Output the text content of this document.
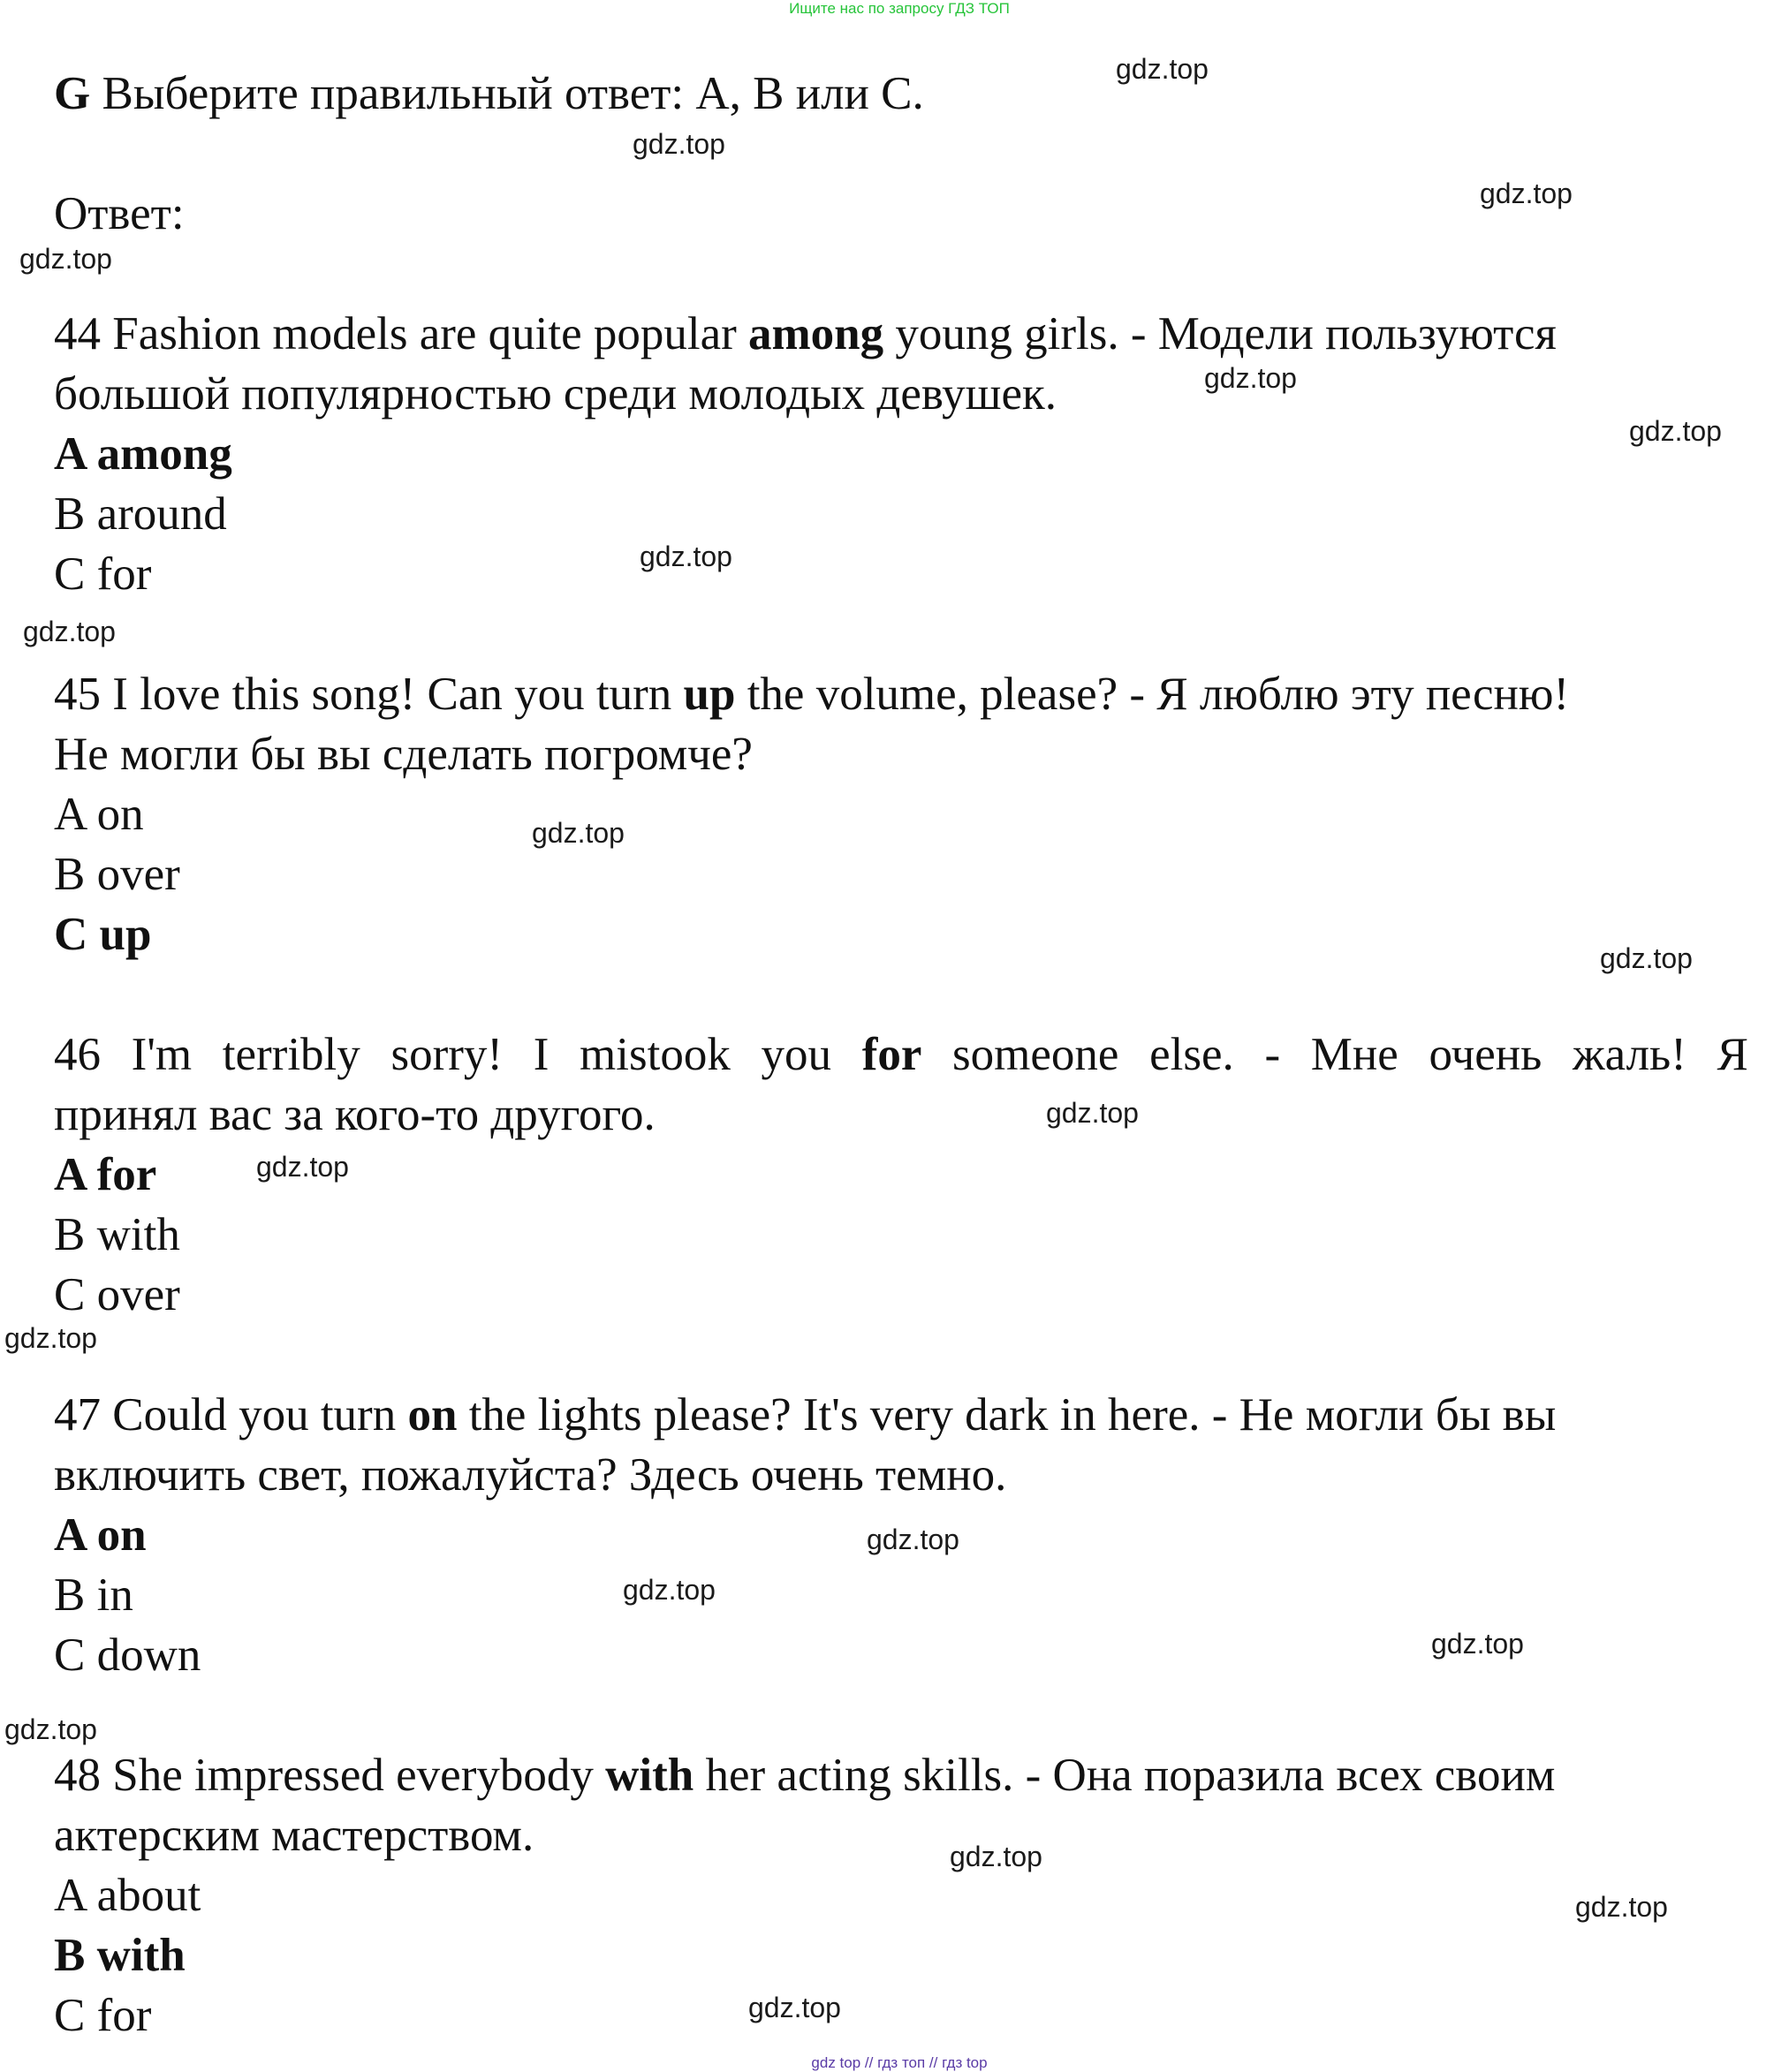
Ищите нас по запросу ГДЗ ТОП
G Выберите правильный ответ: A, B или C.
Ответ:
44 Fashion models are quite popular among young girls. - Модели пользуются
большой популярностью среди молодых девушек.
A among
B around
C for
45 I love this song! Can you turn up the volume, please? - Я люблю эту песню!
Не могли бы вы сделать погромче?
A on
B over
C up
46 I'm terribly sorry! I mistook you for someone else. - Мне очень жаль! Я
принял вас за кого-то другого.
A for
B with
C over
47 Could you turn on the lights please? It's very dark in here. - Не могли бы вы
включить свет, пожалуйста? Здесь очень темно.
A on
B in
C down
48 She impressed everybody with her acting skills. - Она поразила всех своим
актерским мастерством.
A about
B with
C for
gdz.top
gdz.top
gdz.top
gdz.top
gdz.top
gdz.top
gdz.top
gdz.top
gdz.top
gdz.top
gdz.top
gdz.top
gdz.top
gdz.top
gdz.top
gdz.top
gdz.top
gdz.top
gdz.top
gdz.top
gdz top // гдз топ // гдз top
